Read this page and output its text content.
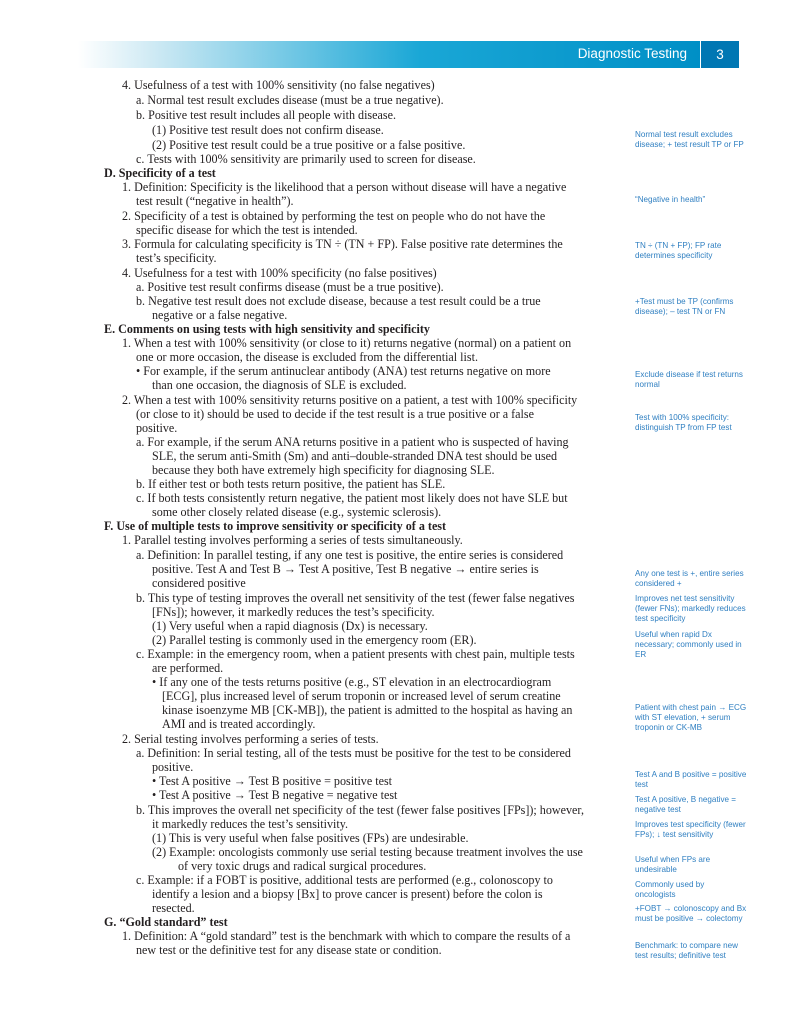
Diagnostic Testing	3
4. Usefulness of a test with 100% sensitivity (no false negatives)
a. Normal test result excludes disease (must be a true negative).
b. Positive test result includes all people with disease.
(1) Positive test result does not confirm disease.
(2) Positive test result could be a true positive or a false positive.
c. Tests with 100% sensitivity are primarily used to screen for disease.
D. Specificity of a test
1. Definition: Specificity is the likelihood that a person without disease will have a negative
test result (“negative in health”).
2. Specificity of a test is obtained by performing the test on people who do not have the
specific disease for which the test is intended.
3. Formula for calculating specificity is TN ÷ (TN + FP). False positive rate determines the
test’s specificity.
4. Usefulness for a test with 100% specificity (no false positives)
a. Positive test result confirms disease (must be a true positive).
b. Negative test result does not exclude disease, because a test result could be a true
negative or a false negative.
E. Comments on using tests with high sensitivity and specificity
1. When a test with 100% sensitivity (or close to it) returns negative (normal) on a patient on
one or more occasion, the disease is excluded from the differential list.
• For example, if the serum antinuclear antibody (ANA) test returns negative on more
than one occasion, the diagnosis of SLE is excluded.
2. When a test with 100% sensitivity returns positive on a patient, a test with 100% specificity
(or close to it) should be used to decide if the test result is a true positive or a false
positive.
a. For example, if the serum ANA returns positive in a patient who is suspected of having
SLE, the serum anti-Smith (Sm) and anti–double-stranded DNA test should be used
because they both have extremely high specificity for diagnosing SLE.
b. If either test or both tests return positive, the patient has SLE.
c. If both tests consistently return negative, the patient most likely does not have SLE but
some other closely related disease (e.g., systemic sclerosis).
F. Use of multiple tests to improve sensitivity or specificity of a test
1. Parallel testing involves performing a series of tests simultaneously.
a. Definition: In parallel testing, if any one test is positive, the entire series is considered
positive. Test A and Test B → Test A positive, Test B negative → entire series is
considered positive
b. This type of testing improves the overall net sensitivity of the test (fewer false negatives
[FNs]); however, it markedly reduces the test’s specificity.
(1) Very useful when a rapid diagnosis (Dx) is necessary.
(2) Parallel testing is commonly used in the emergency room (ER).
c. Example: in the emergency room, when a patient presents with chest pain, multiple tests
are performed.
• If any one of the tests returns positive (e.g., ST elevation in an electrocardiogram
[ECG], plus increased level of serum troponin or increased level of serum creatine
kinase isoenzyme MB [CK-MB]), the patient is admitted to the hospital as having an
AMI and is treated accordingly.
2. Serial testing involves performing a series of tests.
a. Definition: In serial testing, all of the tests must be positive for the test to be considered
positive.
• Test A positive → Test B positive = positive test
• Test A positive → Test B negative = negative test
b. This improves the overall net specificity of the test (fewer false positives [FPs]); however,
it markedly reduces the test’s sensitivity.
(1) This is very useful when false positives (FPs) are undesirable.
(2) Example: oncologists commonly use serial testing because treatment involves the use
of very toxic drugs and radical surgical procedures.
c. Example: if a FOBT is positive, additional tests are performed (e.g., colonoscopy to
identify a lesion and a biopsy [Bx] to prove cancer is present) before the colon is
resected.
G. “Gold standard” test
1. Definition: A “gold standard” test is the benchmark with which to compare the results of a
new test or the definitive test for any disease state or condition.
Normal test result excludes disease; + test result TP or FP
“Negative in health”
TN ÷ (TN + FP); FP rate determines specificity
+Test must be TP (confirms disease); – test TN or FN
Exclude disease if test returns normal
Test with 100% specificity: distinguish TP from FP test
Any one test is +, entire series considered +
Improves net test sensitivity (fewer FNs); markedly reduces test specificity
Useful when rapid Dx necessary; commonly used in ER
Patient with chest pain → ECG with ST elevation, + serum troponin or CK-MB
Test A and B positive = positive test
Test A positive, B negative = negative test
Improves test specificity (fewer FPs); ↓ test sensitivity
Useful when FPs are undesirable
Commonly used by oncologists
+FOBT → colonoscopy and Bx must be positive → colectomy
Benchmark: to compare new test results; definitive test
